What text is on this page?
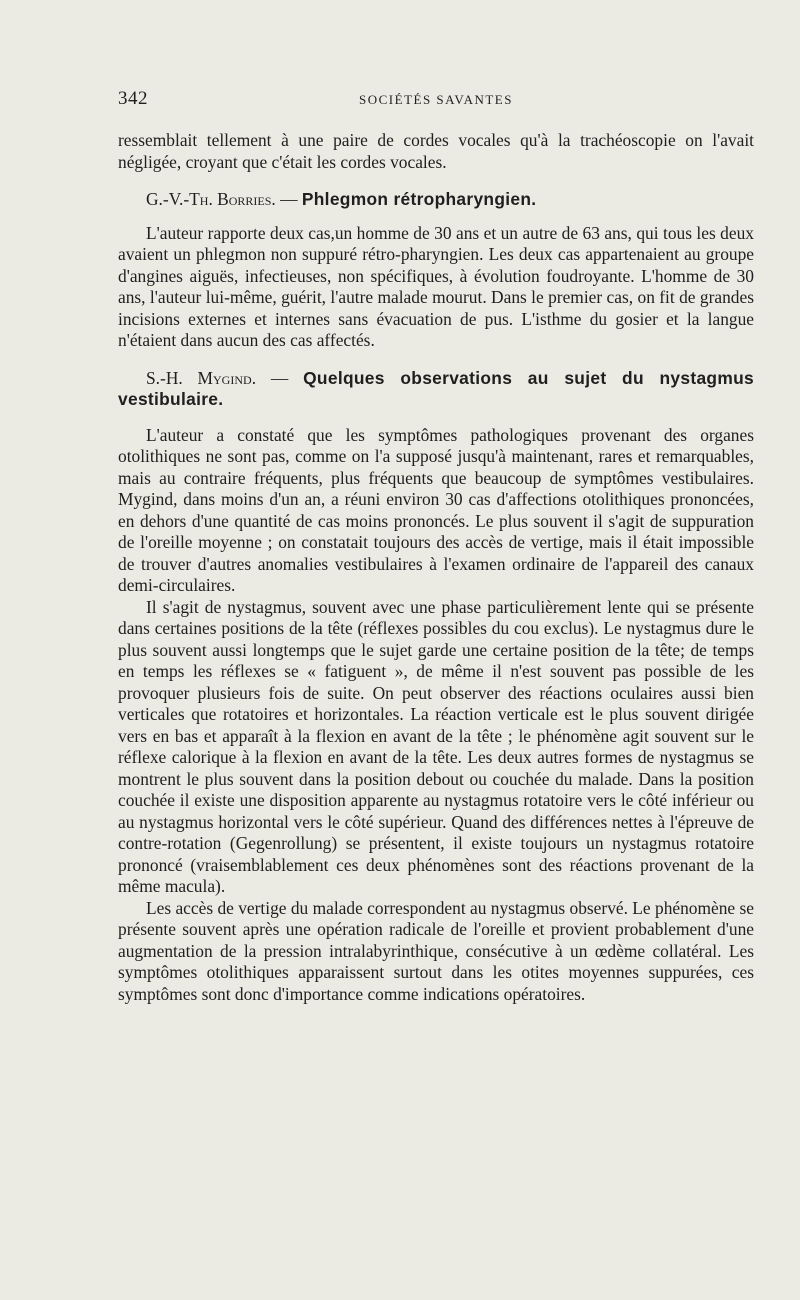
342	SOCIÉTÉS SAVANTES

ressemblait tellement à une paire de cordes vocales qu'à la trachéoscopie on l'avait négligée, croyant que c'était les cordes vocales.

G.-V.-Th. Borries. — Phlegmon rétropharyngien.

L'auteur rapporte deux cas,un homme de 30 ans et un autre de 63 ans, qui tous les deux avaient un phlegmon non suppuré rétro-pharyngien. Les deux cas appartenaient au groupe d'angines aiguës, infectieuses, non spécifiques, à évolution foudroyante. L'homme de 30 ans, l'auteur lui-même, guérit, l'autre malade mourut. Dans le premier cas, on fit de grandes incisions externes et internes sans évacuation de pus. L'isthme du gosier et la langue n'étaient dans aucun des cas affectés.

S.-H. Mygind. — Quelques observations au sujet du nystagmus vestibulaire.

L'auteur a constaté que les symptômes pathologiques provenant des organes otolithiques ne sont pas, comme on l'a supposé jusqu'à maintenant, rares et remarquables, mais au contraire fréquents, plus fréquents que beaucoup de symptômes vestibulaires. Mygind, dans moins d'un an, a réuni environ 30 cas d'affections otolithiques prononcées, en dehors d'une quantité de cas moins prononcés. Le plus souvent il s'agit de suppuration de l'oreille moyenne ; on constatait toujours des accès de vertige, mais il était impossible de trouver d'autres anomalies vestibulaires à l'examen ordinaire de l'appareil des canaux demi-circulaires.

Il s'agit de nystagmus, souvent avec une phase particulièrement lente qui se présente dans certaines positions de la tête (réflexes possibles du cou exclus). Le nystagmus dure le plus souvent aussi longtemps que le sujet garde une certaine position de la tête; de temps en temps les réflexes se « fatiguent », de même il n'est souvent pas possible de les provoquer plusieurs fois de suite. On peut observer des réactions oculaires aussi bien verticales que rotatoires et horizontales. La réaction verticale est le plus souvent dirigée vers en bas et apparaît à la flexion en avant de la tête ; le phénomène agit souvent sur le réflexe calorique à la flexion en avant de la tête. Les deux autres formes de nystagmus se montrent le plus souvent dans la position debout ou couchée du malade. Dans la position couchée il existe une disposition apparente au nystagmus rotatoire vers le côté inférieur ou au nystagmus horizontal vers le côté supérieur. Quand des différences nettes à l'épreuve de contre-rotation (Gegenrollung) se présentent, il existe toujours un nystagmus rotatoire prononcé (vraisemblablement ces deux phénomènes sont des réactions provenant de la même macula).

Les accès de vertige du malade correspondent au nystagmus observé. Le phénomène se présente souvent après une opération radicale de l'oreille et provient probablement d'une augmentation de la pression intralabyrinthique, consécutive à un œdème collatéral. Les symptômes otolithiques apparaissent surtout dans les otites moyennes suppurées, ces symptômes sont donc d'importance comme indications opératoires.
